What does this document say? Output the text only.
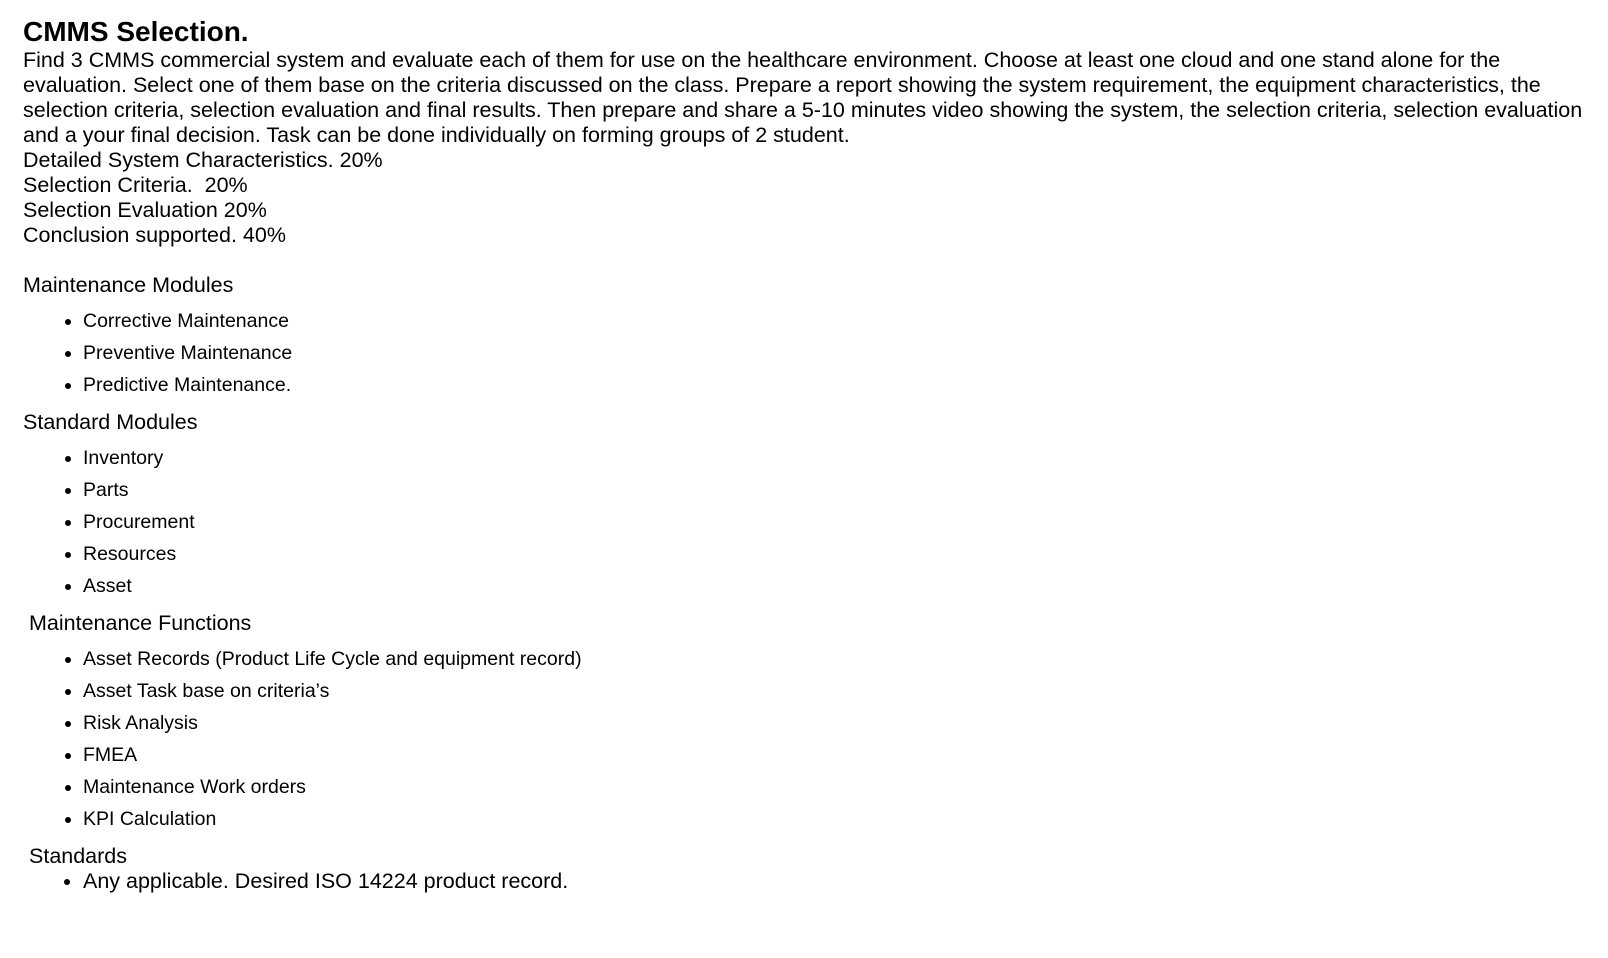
CMMS Selection.

Find 3 CMMS commercial system and evaluate each of them for use on the healthcare environment. Choose at least one cloud and one stand alone for the evaluation. Select one of them base on the criteria discussed on the class. Prepare a report showing the system requirement, the equipment characteristics, the selection criteria, selection evaluation and final results. Then prepare and share a 5-10 minutes video showing the system, the selection criteria, selection evaluation and a your final decision. Task can be done individually on forming groups of 2 student.

Detailed System Characteristics. 20%

Selection Criteria.  20%

Selection Evaluation 20%

Conclusion supported. 40%

Maintenance Modules

• Corrective Maintenance
• Preventive Maintenance
• Predictive Maintenance.

Standard Modules

• Inventory
• Parts
• Procurement
• Resources
• Asset

Maintenance Functions

• Asset Records (Product Life Cycle and equipment record)
• Asset Task base on criteria’s
• Risk Analysis
• FMEA
• Maintenance Work orders
• KPI Calculation

Standards

• Any applicable. Desired ISO 14224 product record.
